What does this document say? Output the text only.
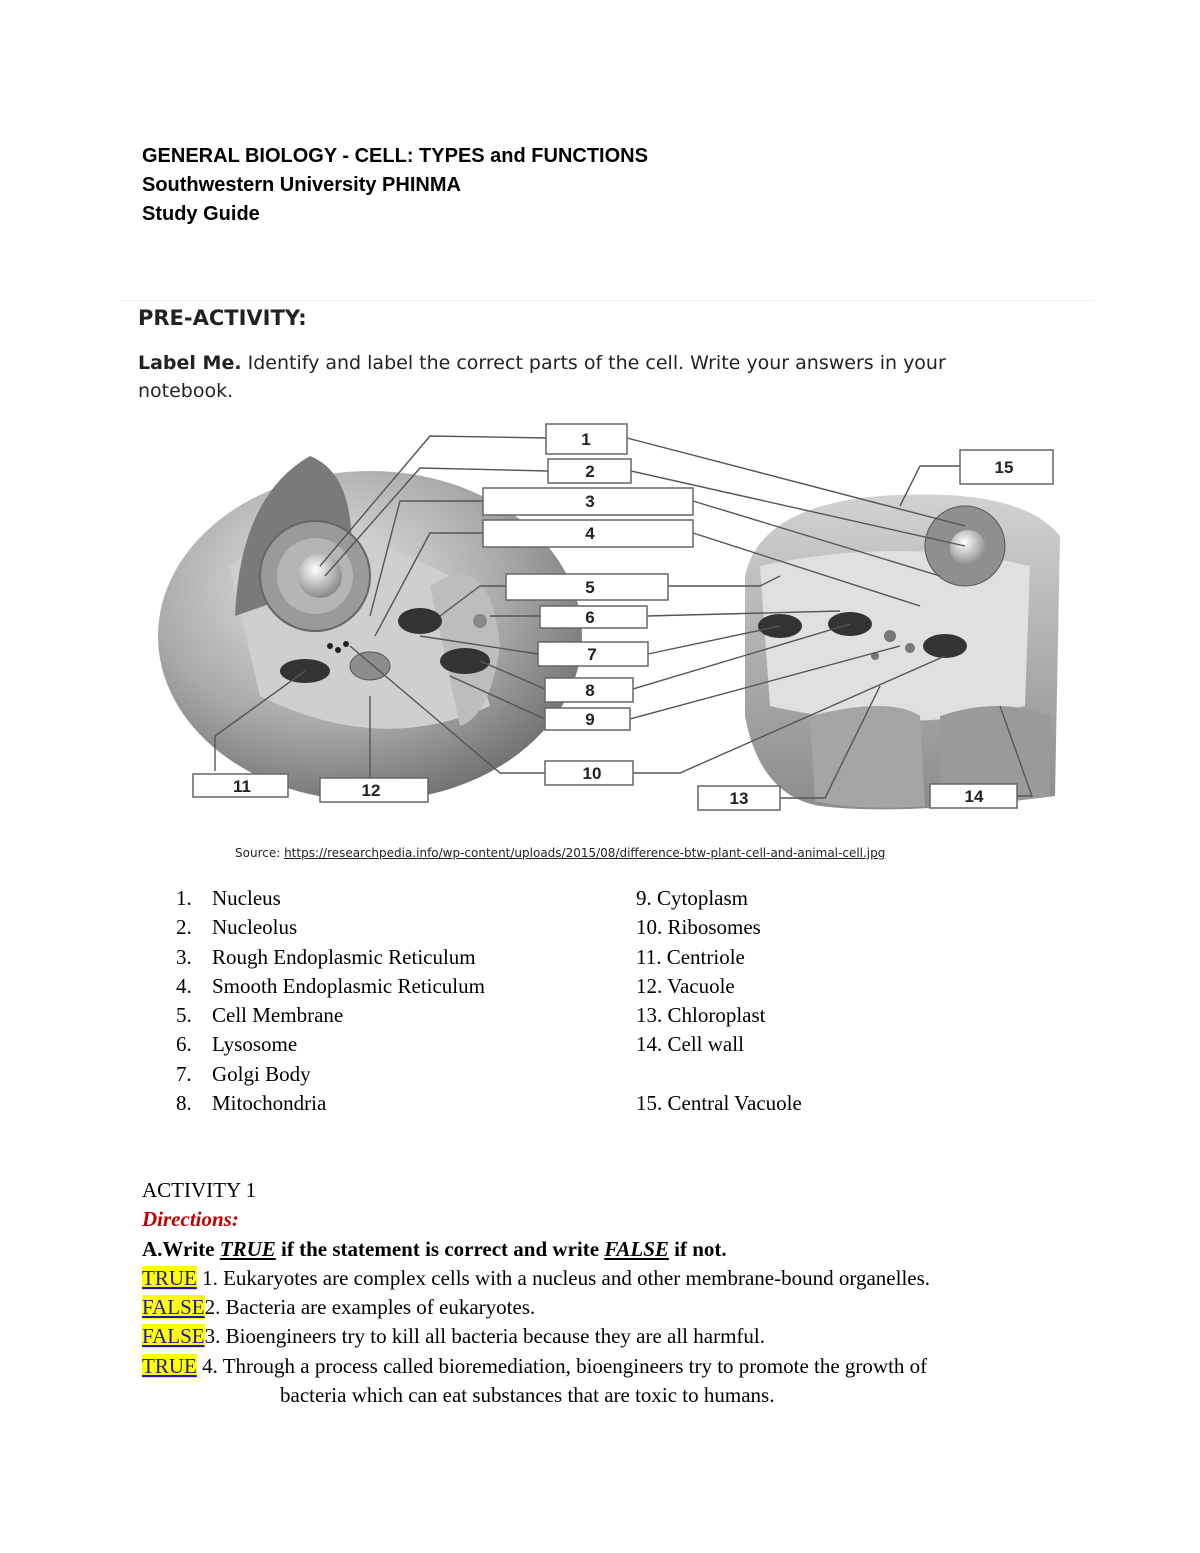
GENERAL BIOLOGY - CELL: TYPES and FUNCTIONS
Southwestern University PHINMA
Study Guide
PRE-ACTIVITY:
Label Me. Identify and label the correct parts of the cell. Write your answers in your notebook.
1
2
3
4
5
6
7
8
9
10
11	12	13	14
15
Source: https://researchpedia.info/wp-content/uploads/2015/08/difference-btw-plant-cell-and-animal-cell.jpg
1. Nucleus
2. Nucleolus
3. Rough Endoplasmic Reticulum
4. Smooth Endoplasmic Reticulum
5. Cell Membrane
6. Lysosome
7. Golgi Body
8. Mitochondria
9. Cytoplasm
10. Ribosomes
11. Centriole
12. Vacuole
13. Chloroplast
14. Cell wall
15. Central Vacuole
ACTIVITY 1
Directions:
A.Write TRUE if the statement is correct and write FALSE if not.
TRUE 1. Eukaryotes are complex cells with a nucleus and other membrane-bound organelles.
FALSE2. Bacteria are examples of eukaryotes.
FALSE3. Bioengineers try to kill all bacteria because they are all harmful.
TRUE 4. Through a process called bioremediation, bioengineers try to promote the growth of
bacteria which can eat substances that are toxic to humans.
